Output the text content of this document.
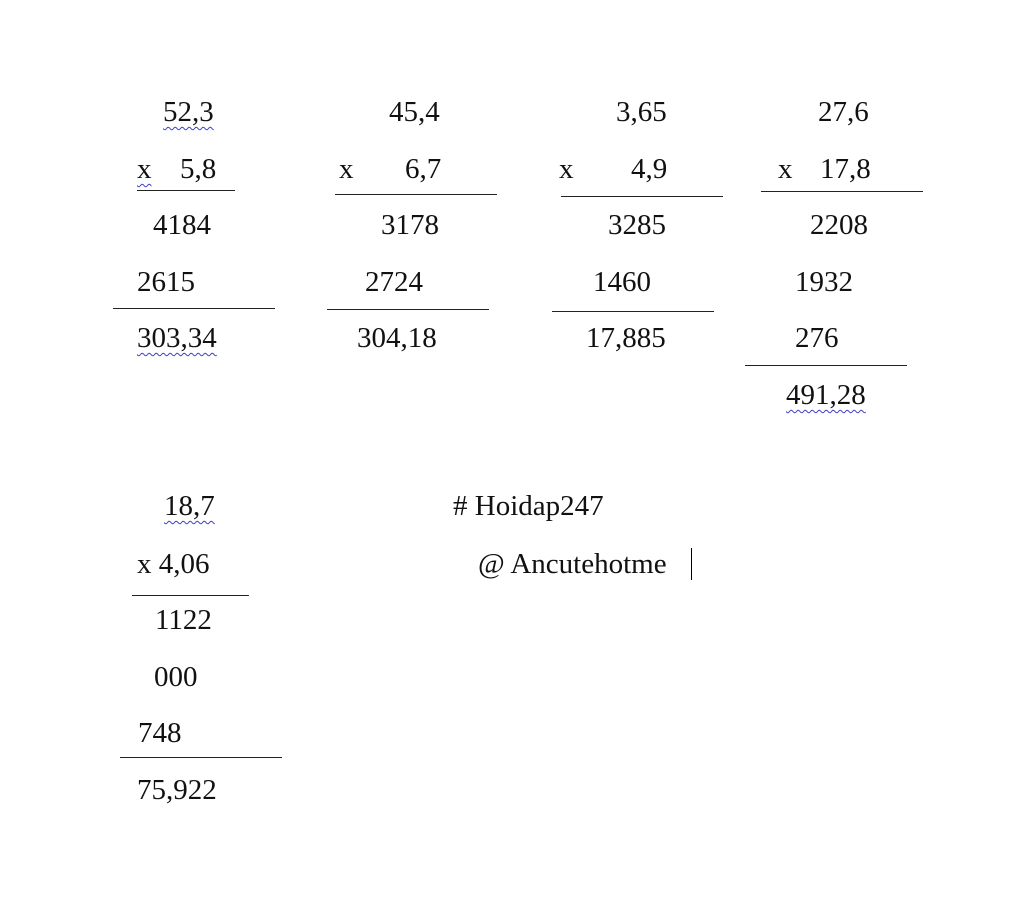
52,3
x 5,8
4184
2615
303,34
45,4
x 6,7
3178
2724
304,18
3,65
x 4,9
3285
1460
17,885
27,6
x 17,8
2208
1932
276
491,28
18,7
x 4,06
1122
000
748
75,922
# Hoidap247
@ Ancutehotme
